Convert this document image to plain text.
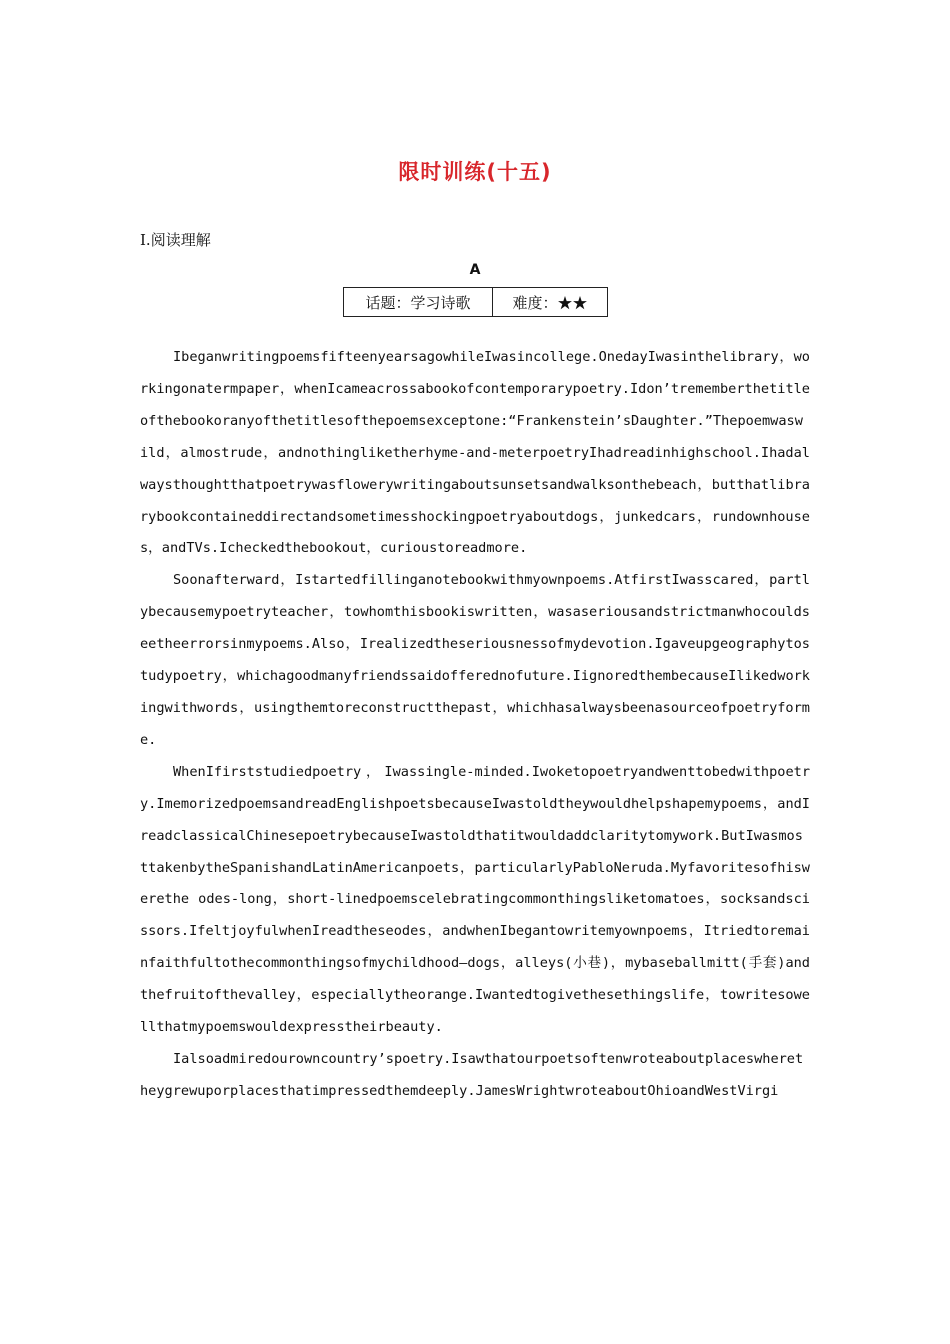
限时训练(十五)
Ⅰ.阅读理解
A
话题：学习诗歌	难度：★★

IbeganwritingpoemsfifteenyearsagowhileIwasincollege.OnedayIwasinthelibrary，workingonatermpaper，whenIcameacrossabookofcontemporarypoetry.Idon’trememberthetitleofthebookoranyofthetitlesofthepoemsexceptone:“Frankenstein’sDaughter.”Thepoemwaswild，almostrude，andnothingliketherhyme-and-meterpoetryIhadreadinhighschool.Ihadalwaysthoughtthatpoetrywasflowerywritingaboutsunsetsandwalksonthebeach，butthatlibrarybookcontaineddirectandsometimesshockingpoetryaboutdogs，junkedcars，rundownhouses，andTVs.Icheckedthebookout，curioustoreadmore.

Soonafterward，Istartedfillinganotebookwithmyownpoems.AtfirstIwasscared，partlybecausemypoetryteacher，towhomthisbookiswritten，wasaseriousandstrictmanwhocouldseetheerrorsinmypoems.Also，Irealizedtheseriousnessofmydevotion.Igaveupgeographytostudypoetry，whichagoodmanyfriendssaidofferednofuture.IignoredthembecauseIlikedworkingwithwords，usingthemtoreconstructthepast，whichhasalwaysbeenasourceofpoetryforme.

WhenIfirststudiedpoetry，Iwassingle-minded.Iwoketopoetryandwenttobedwithpoetry.ImemorizedpoemsandreadEnglishpoetsbecauseIwastoldtheywouldhelpshapemypoems，andIreadclassicalChinesepoetrybecauseIwastoldthatitwouldaddclaritytomywork.ButIwasmosttakenbytheSpanishandLatinAmericanpoets，particularlyPabloNeruda.Myfavoritesofhiswerethe odes-long，short-linedpoemscelebratingcommonthingsliketomatoes，socksandscissors.IfeltjoyfulwhenIreadtheseodes，andwhenIbegantowritemyownpoems，Itriedtoremainfaithfultothecommonthingsofmychildhood—dogs，alleys(小巷)，mybaseballmitt(手套)andthefruitofthevalley，especiallytheorange.Iwantedtogivethesethingslife，towritesowellthatmypoemswouldexpresstheirbeauty.

Ialsoadmiredourowncountry’spoetry.Isawthatourpoetsoftenwroteaboutplaceswheretheygrewuporplacesthatimpressedthemdeeply.JamesWrightwroteaboutOhioandWestVirgi
